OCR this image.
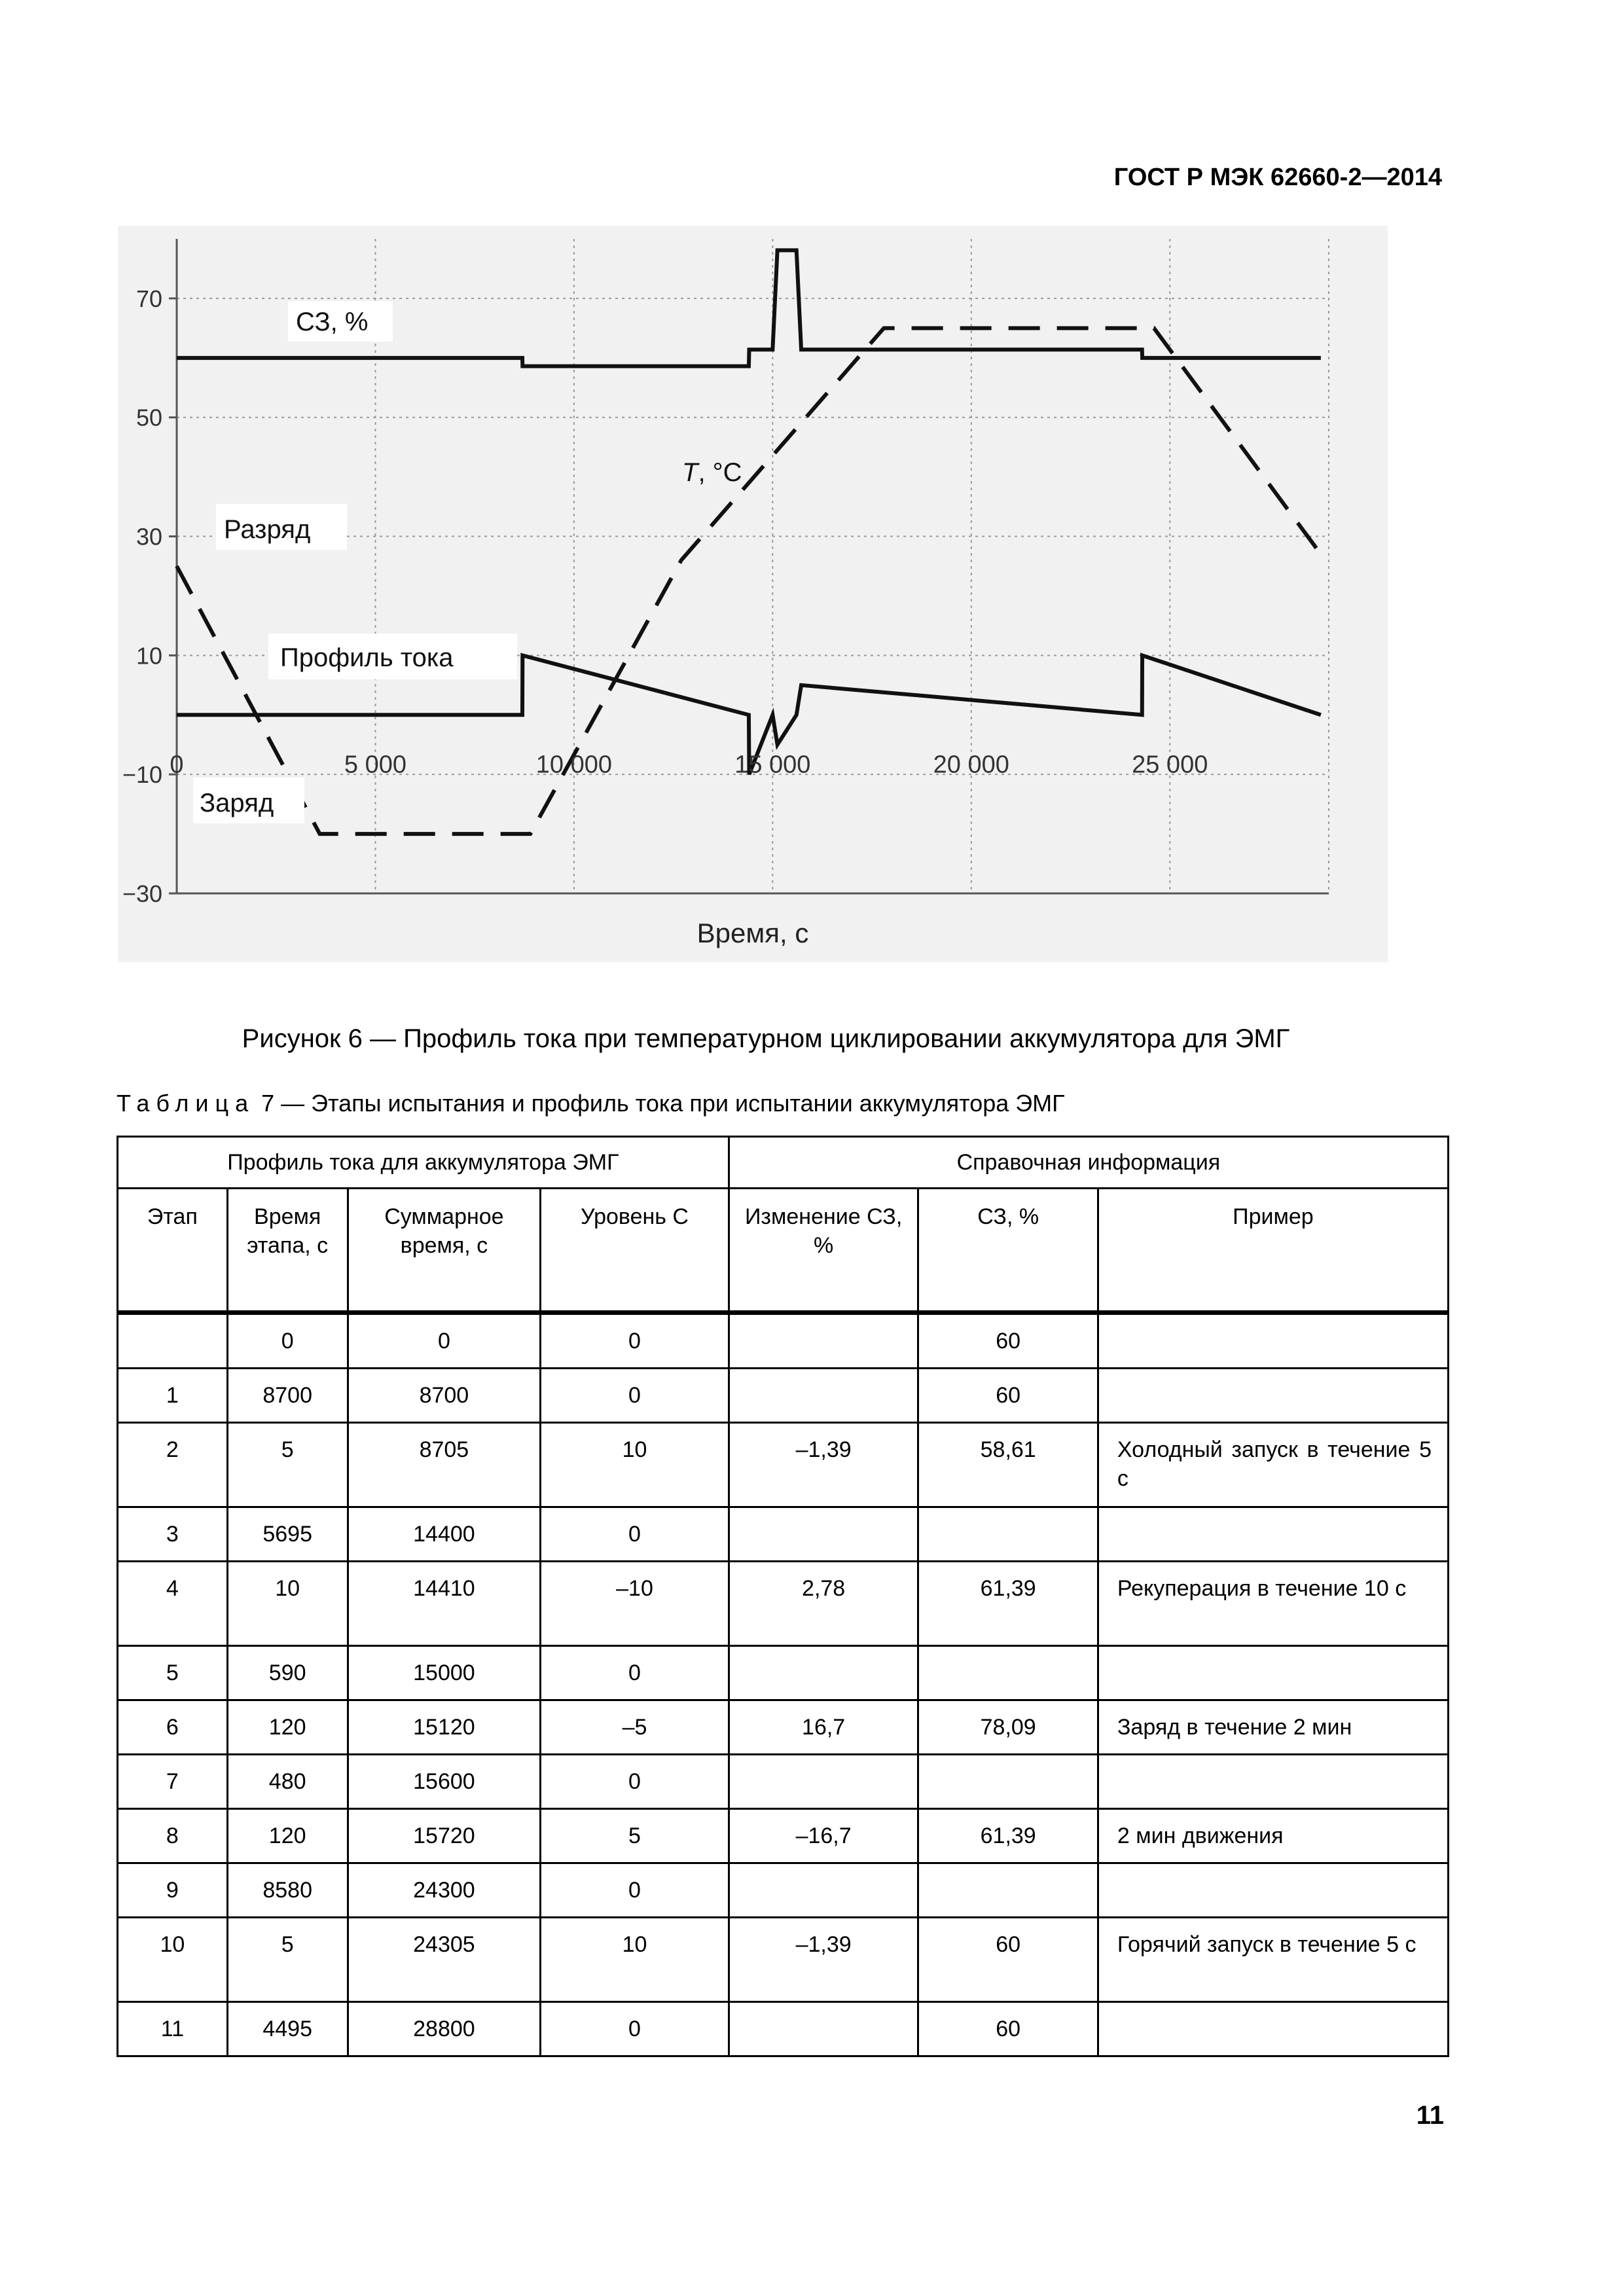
ГОСТ Р МЭК 62660-2—2014
70
50
30
10
−10
−30
0	5 000	10 000	15 000	20 000	25 000
СЗ, %
T, °C
Разряд
Профиль тока
Заряд
Время, с
Рисунок 6 — Профиль тока при температурном циклировании аккумулятора для ЭМГ
Таблица 7 — Этапы испытания и профиль тока при испытании аккумулятора ЭМГ
Профиль тока для аккумулятора ЭМГ				Справочная информация		
Этап	Время этапа, с	Суммарное время, с	Уровень С	Изменение СЗ, %	СЗ, %	Пример
	0	0	0		60	
1	8700	8700	0		60	
2	5	8705	10	–1,39	58,61	Холодный запуск в течение 5 с
3	5695	14400	0			
4	10	14410	–10	2,78	61,39	Рекуперация в течение 10 с
5	590	15000	0			
6	120	15120	–5	16,7	78,09	Заряд в течение 2 мин
7	480	15600	0			
8	120	15720	5	–16,7	61,39	2 мин движения
9	8580	24300	0			
10	5	24305	10	–1,39	60	Горячий запуск в течение 5 с
11	4495	28800	0		60	
11
